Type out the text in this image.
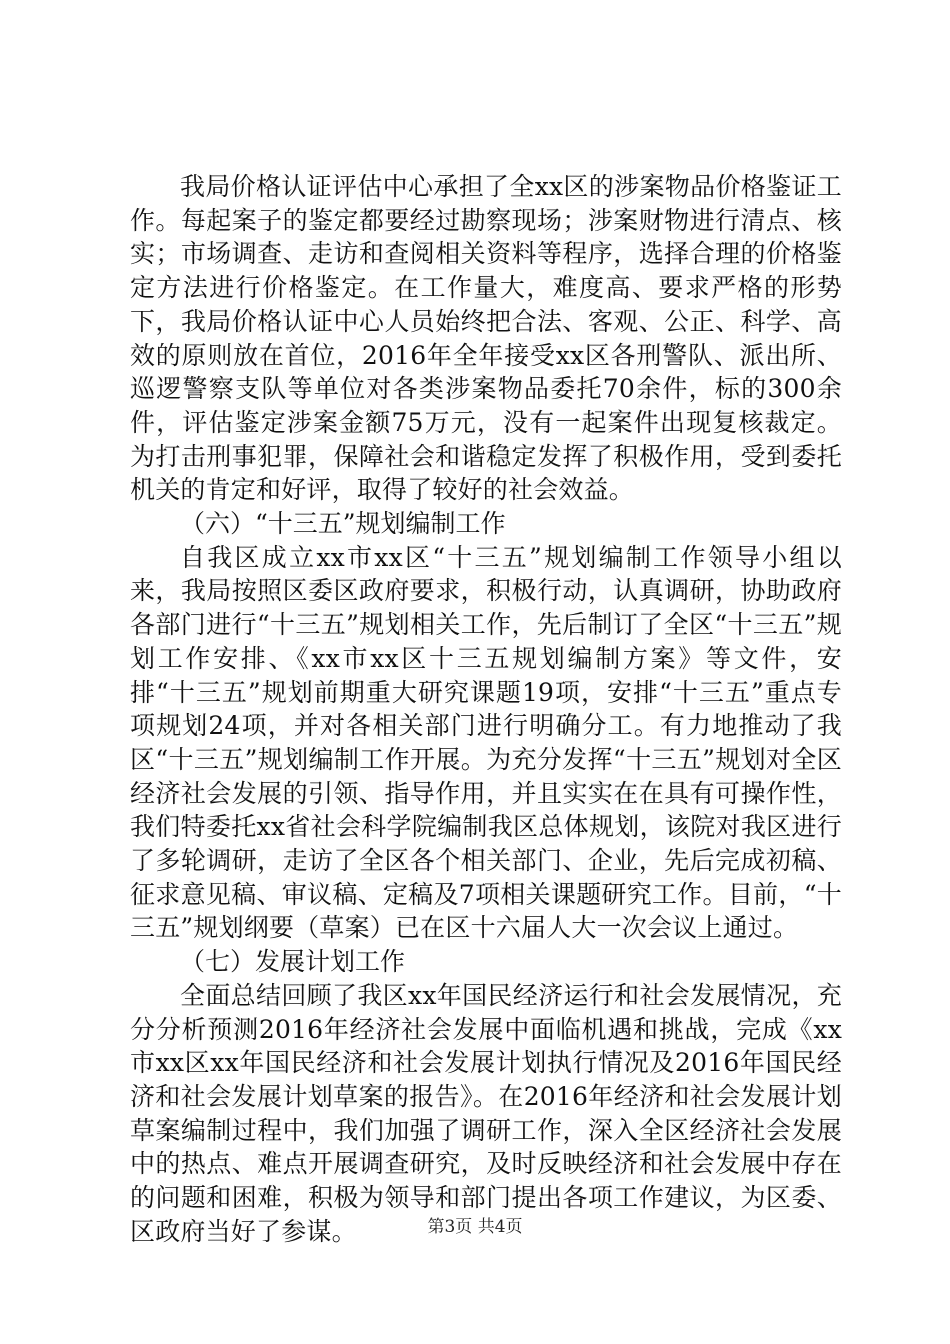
我局价格认证评估中心承担了全xx区的涉案物品价格鉴证工作。每起案子的鉴定都要经过勘察现场；涉案财物进行清点、核实；市场调查、走访和查阅相关资料等程序，选择合理的价格鉴定方法进行价格鉴定。在工作量大，难度高、要求严格的形势下，我局价格认证中心人员始终把合法、客观、公正、科学、高效的原则放在首位，2016年全年接受xx区各刑警队、派出所、巡逻警察支队等单位对各类涉案物品委托70余件，标的300余件，评估鉴定涉案金额75万元，没有一起案件出现复核裁定。为打击刑事犯罪，保障社会和谐稳定发挥了积极作用，受到委托机关的肯定和好评，取得了较好的社会效益。

（六）“十三五”规划编制工作

自我区成立xx市xx区“十三五”规划编制工作领导小组以来，我局按照区委区政府要求，积极行动，认真调研，协助政府各部门进行“十三五”规划相关工作，先后制订了全区“十三五”规划工作安排、《xx市xx区十三五规划编制方案》等文件，安排“十三五”规划前期重大研究课题19项，安排“十三五”重点专项规划24项，并对各相关部门进行明确分工。有力地推动了我区“十三五”规划编制工作开展。为充分发挥“十三五”规划对全区经济社会发展的引领、指导作用，并且实实在在具有可操作性，我们特委托xx省社会科学院编制我区总体规划，该院对我区进行了多轮调研，走访了全区各个相关部门、企业，先后完成初稿、征求意见稿、审议稿、定稿及7项相关课题研究工作。目前，“十三五”规划纲要（草案）已在区十六届人大一次会议上通过。

（七）发展计划工作

全面总结回顾了我区xx年国民经济运行和社会发展情况，充分分析预测2016年经济社会发展中面临机遇和挑战，完成《xx市xx区xx年国民经济和社会发展计划执行情况及2016年国民经济和社会发展计划草案的报告》。在2016年经济和社会发展计划草案编制过程中，我们加强了调研工作，深入全区经济社会发展中的热点、难点开展调查研究，及时反映经济和社会发展中存在的问题和困难，积极为领导和部门提出各项工作建议，为区委、区政府当好了参谋。	第3页 共4页
